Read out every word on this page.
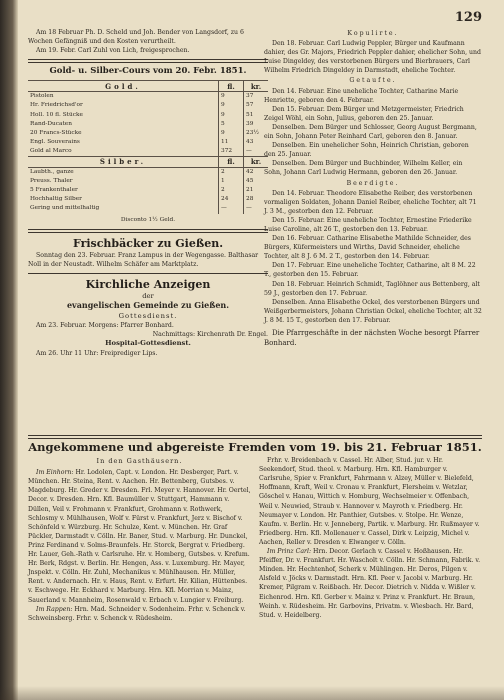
129

Am 18 Februar Ph. D. Scheld und Joh. Bender von Langsdorf, zu 6 Wochen Gefängniß und den Kosten verurtheilt.

Am 19. Febr. Carl Zuhl von Lich, freigesprochen.

Gold- u. Silber-Cours vom 20. Febr. 1851.
Gold.	fl.	kr.
Pistolen	9	37
Hr. Friedrichsd'or	9	57
Holl. 10 fl. Stücke	9	51
Rand-Ducaten	5	39
20 Francs-Stücke	9	23½
Engl. Souverains	11	43
Gold al Marco	372	—
Silber.	fl.	kr.
Laubth., ganze	2	42
Preuss. Thaler	1	45
5 Frankenthaler	2	21
Hochhaltig Silber	24	28
Gering und mittelhaltig	—	—
Disconto 1½ Geld.
Frischbäcker zu Gießen.

Sonntag den 23. Februar. Franz Lampus in der Wegengasse. Balthasar Noll in der Neustadt. Wilhelm Schäfer am Marktplatz.

Kirchliche Anzeigen
der
evangelischen Gemeinde zu Gießen.
Gottesdienst.

Am 23. Februar. Morgens: Pfarrer Bonhard.

Nachmittags: Kirchenrath Dr. Engel.

Hospital-Gottesdienst.

Am 26. Uhr 11 Uhr: Freiprediger Lips.

Kopulirte.

Den 18. Februar. Carl Ludwig Peppler, Bürger und Kaufmann dahier, des Gr. Majors, Friedrich Peppler dahier, ehelicher Sohn, und Luise Dingeldey, des verstorbenen Bürgers und Bierbrauers, Carl Wilhelm Friedrich Dingeldey in Darmstadt, eheliche Tochter.

Getaufte.

Den 14. Februar. Eine uneheliche Tochter, Catharine Marie Henriette, geboren den 4. Februar.

Den 15. Februar. Dem Bürger und Metzgermeister, Friedrich Zeigel Wöhl, ein Sohn, Julius, geboren den 25. Januar.

Denselben. Dem Bürger und Schlosser, Georg August Bergmann, ein Sohn, Johann Peter Reinhard Carl, geboren den 8. Januar.

Denselben. Ein unehelicher Sohn, Heinrich Christian, geboren den 25. Januar.

Denselben. Dem Bürger und Buchbinder, Wilhelm Keller, ein Sohn, Johann Carl Ludwig Hermann, geboren den 26. Januar.

Beerdigte.

Den 14. Februar. Theodore Elisabethe Reiber, des verstorbenen vormaligen Soldaten, Johann Daniel Reiber, eheliche Tochter, alt 71 J. 3 M., gestorben den 12. Februar.

Den 15. Februar. Eine uneheliche Tochter, Ernestine Friederike Luise Caroline, alt 26 T., gestorben den 13. Februar.

Den 16. Februar. Catharine Elisabethe Mathilde Schneider, des Bürgers, Küfermeisters und Wirths, David Schneider, eheliche Tochter, alt 8 J. 6 M. 2 T., gestorben den 14. Februar.

Den 17. Februar. Eine uneheliche Tochter, Catharine, alt 8 M. 22 T., gestorben den 15. Februar.

Den 18. Februar. Heinrich Schmidt, Taglöhner aus Bettenberg, alt 59 J., gestorben den 17. Februar.

Denselben. Anna Elisabethe Ockel, des verstorbenen Bürgers und Weißgerbermeisters, Johann Christian Ockel, eheliche Tochter, alt 32 J. 8 M. 15 T., gestorben den 17. Februar.

Die Pfarrgeschäfte in der nächsten Woche besorgt Pfarrer Bonhard.

Angekommene und abgereiste Fremden vom 19. bis 21. Februar 1851.
In den Gasthäusern.

Im Einhorn: Hr. Lodolen, Capt. v. London. Hr. Desberger, Part. v. München. Hr. Steina, Rent. v. Aachen. Hr. Bettenberg, Gutsbes. v. Magdeburg. Hr. Greder v. Dresden. Frl. Meyer v. Hannover. Hr. Oertel, Decor. v. Dresden. Hrn. Kfl. Baumüller v. Stuttgart, Hammann v. Düllen, Veil v. Frohmann v. Frankfurt, Grohmann v. Rothwerk, Schlosmy v. Mühlhausen, Wolf v. Fürst v. Frankfurt, Jerz v. Bischof v. Schönfeld v. Würzburg. Hr. Schulze, Kent. v. München. Hr. Graf Pückler, Darmstadt v. Cölln. Hr. Baner, Stud. v. Marburg. Hr. Dunckel, Prinz Ferdinand v. Solms-Braunfels. Hr. Storck, Bergrat v. Friedberg. Hr. Lauer, Geh.-Rath v. Carlsruhe. Hr. v. Homberg, Gutsbes. v. Krefum. Hr. Berk, Rdgst. v. Berlin. Hr. Hengen, Ass. v. Luxemburg. Hr. Mayer, Jnspekt. v. Cölln. Hr. Zuhl, Mechanikus v. Mühlhausen. Hr. Müller, Rent. v. Andernach. Hr. v. Haus, Rent. v. Erfurt. Hr. Kilian, Hüttenbes. v. Eschwege. Hr. Eckhard v. Marburg. Hrn. Kfl. Morrian v. Mainz, Sauerland v. Mannheim, Rosenwald v. Erbach v. Lungier v. Freiburg.

Im Rappen: Hrn. Mad. Schneider v. Sodenheim. Frhr. v. Schenck v. Schweinsberg. Frhr. v. Schenck v. Rüdesheim.

Frhr. v. Breidenbach v. Cassel. Hr. Alber, Stud. jur. v. Hr. Seekendorf, Stud. theol. v. Marburg. Hrn. Kfl. Hamburger v. Carlsruhe, Spier v. Frankfurt, Fahrmann v. Alzey, Müller v. Bielefeld, Hoffmann, Kraft, Weil v. Cronau v. Frankfurt, Flersheim v. Wetzlar, Göschel v. Hanau, Wittich v. Homburg, Wechselmeier v. Offenbach, Weil v. Neuwied, Straub v. Hannover v. Mayroth v. Friedberg. Hr. Neumayer v. London. Hr. Panthier, Gutsbes. v. Stolpe. Hr. Wenze, Kaufm. v. Berlin. Hr. v. Jenneberg, Partik. v. Marburg. Hr. Rußmayer v. Friedberg. Hrn. Kfl. Mollenauer v. Cassel, Dirk v. Leipzig, Michel v. Aachen, Reller v. Dresden v. Elwanger v. Cölln.

Im Prinz Carl: Hrn. Decor. Gerlach v. Cassel v. Hoßhausen. Hr. Pfeiffer, Dr. v. Frankfurt. Hr. Wascholt v. Cölln. Hr. Schmann, Fabrik. v. Minden. Hr. Hechtenhof, Scherk v. Mühlingen. Hr. Deros, Pilgen v. Alsfeld v. Jöcks v. Darmstadt. Hrn. Kfl. Peer v. Jacobi v. Marburg. Hr. Kremer, Pilgram v. Reißbach. Hr. Decor. Dietrich v. Nidda v. Wißler v. Eichenrod. Hrn. Kfl. Gerber v. Mainz v. Prinz v. Frankfurt. Hr. Braun, Weinh. v. Rüdesheim. Hr. Garbovins, Privatm. v. Wiesbach. Hr. Bard, Stud. v. Heidelberg.
